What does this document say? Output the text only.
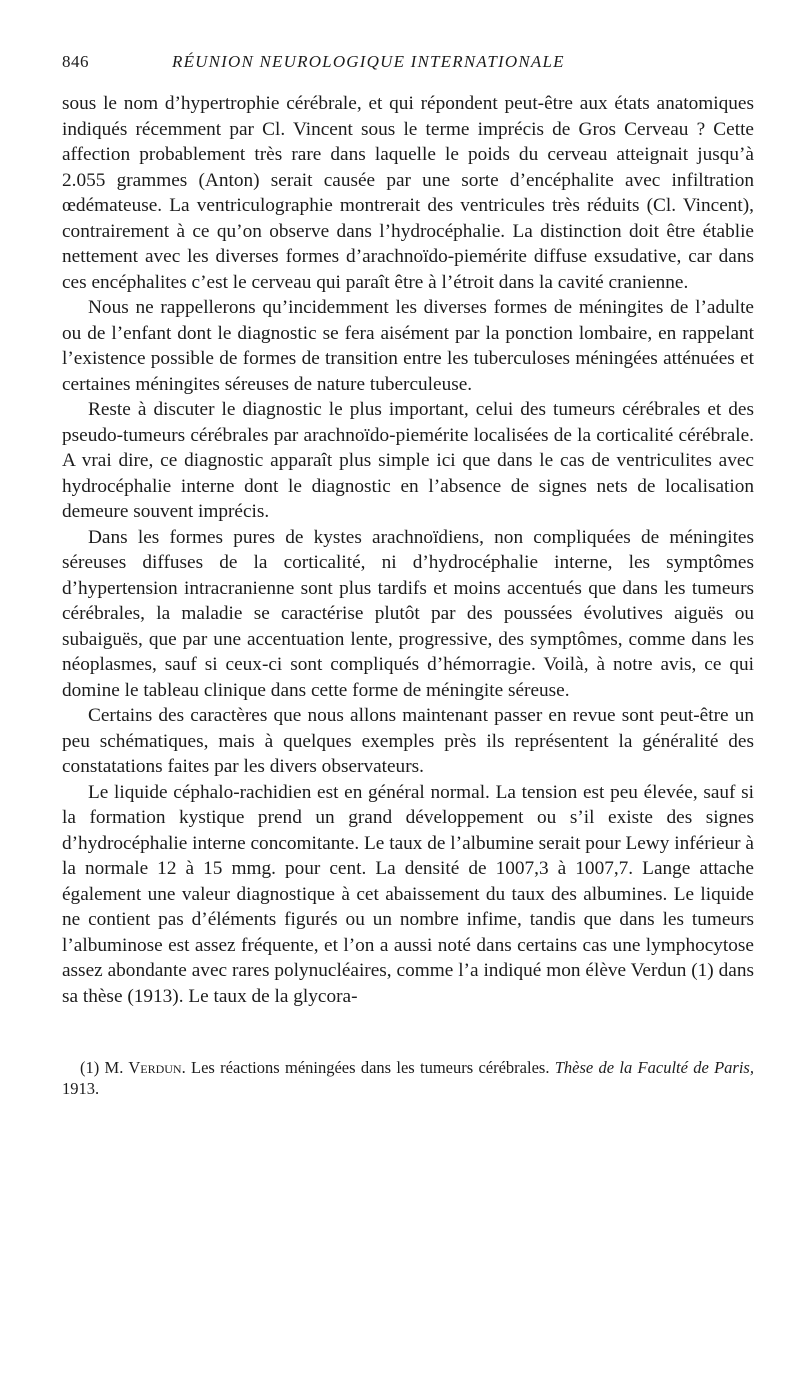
846	RÉUNION NEUROLOGIQUE INTERNATIONALE

sous le nom d’hypertrophie cérébrale, et qui répondent peut-être aux états anatomiques indiqués récemment par Cl. Vincent sous le terme imprécis de Gros Cerveau ? Cette affection probablement très rare dans laquelle le poids du cerveau atteignait jusqu’à 2.055 grammes (Anton) serait causée par une sorte d’encéphalite avec infiltration œdémateuse. La ventriculographie montrerait des ventricules très réduits (Cl. Vincent), contrairement à ce qu’on observe dans l’hydrocéphalie. La distinction doit être établie nettement avec les diverses formes d’arachnoïdo-piemérite diffuse exsudative, car dans ces encéphalites c’est le cerveau qui paraît être à l’étroit dans la cavité cranienne.

Nous ne rappellerons qu’incidemment les diverses formes de méningites de l’adulte ou de l’enfant dont le diagnostic se fera aisément par la ponction lombaire, en rappelant l’existence possible de formes de transition entre les tuberculoses méningées atténuées et certaines méningites séreuses de nature tuberculeuse.

Reste à discuter le diagnostic le plus important, celui des tumeurs cérébrales et des pseudo-tumeurs cérébrales par arachnoïdo-piemérite localisées de la corticalité cérébrale. A vrai dire, ce diagnostic apparaît plus simple ici que dans le cas de ventriculites avec hydrocéphalie interne dont le diagnostic en l’absence de signes nets de localisation demeure souvent imprécis.

Dans les formes pures de kystes arachnoïdiens, non compliquées de méningites séreuses diffuses de la corticalité, ni d’hydrocéphalie interne, les symptômes d’hypertension intracranienne sont plus tardifs et moins accentués que dans les tumeurs cérébrales, la maladie se caractérise plutôt par des poussées évolutives aiguës ou subaiguës, que par une accentuation lente, progressive, des symptômes, comme dans les néoplasmes, sauf si ceux-ci sont compliqués d’hémorragie. Voilà, à notre avis, ce qui domine le tableau clinique dans cette forme de méningite séreuse.

Certains des caractères que nous allons maintenant passer en revue sont peut-être un peu schématiques, mais à quelques exemples près ils représentent la généralité des constatations faites par les divers observateurs.

Le liquide céphalo-rachidien est en général normal. La tension est peu élevée, sauf si la formation kystique prend un grand développement ou s’il existe des signes d’hydrocéphalie interne concomitante. Le taux de l’albumine serait pour Lewy inférieur à la normale 12 à 15 mmg. pour cent. La densité de 1007,3 à 1007,7. Lange attache également une valeur diagnostique à cet abaissement du taux des albumines. Le liquide ne contient pas d’éléments figurés ou un nombre infime, tandis que dans les tumeurs l’albuminose est assez fréquente, et l’on a aussi noté dans certains cas une lymphocytose assez abondante avec rares polynucléaires, comme l’a indiqué mon élève Verdun (1) dans sa thèse (1913). Le taux de la glycora-

(1) M. Verdun. Les réactions méningées dans les tumeurs cérébrales. Thèse de la Faculté de Paris, 1913.
